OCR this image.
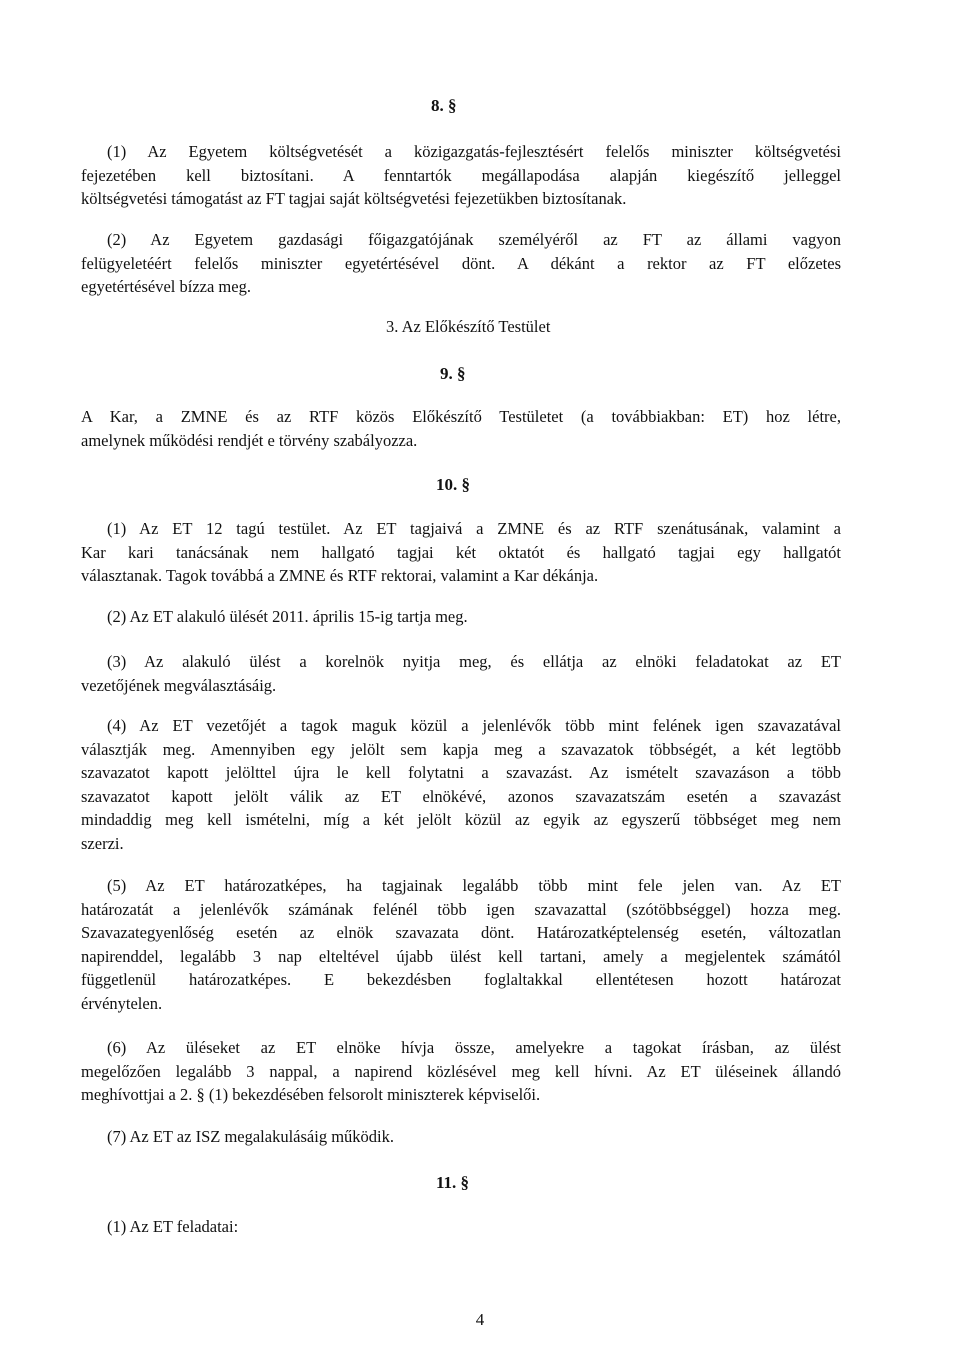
8. §

(1) Az Egyetem költségvetését a közigazgatás-fejlesztésért felelős miniszter költségvetési
fejezetében kell biztosítani. A fenntartók megállapodása alapján kiegészítő jelleggel
költségvetési támogatást az FT tagjai saját költségvetési fejezetükben biztosítanak.

(2) Az Egyetem gazdasági főigazgatójának személyéről az FT az állami vagyon
felügyeletéért felelős miniszter egyetértésével dönt. A dékánt a rektor az FT előzetes
egyetértésével bízza meg.

3. Az Előkészítő Testület

9. §

A Kar, a ZMNE és az RTF közös Előkészítő Testületet (a továbbiakban: ET) hoz létre,
amelynek működési rendjét e törvény szabályozza.

10. §

(1) Az ET 12 tagú testület. Az ET tagjaivá a ZMNE és az RTF szenátusának, valamint a
Kar kari tanácsának nem hallgató tagjai két oktatót és hallgató tagjai egy hallgatót
választanak. Tagok továbbá a ZMNE és RTF rektorai, valamint a Kar dékánja.

(2) Az ET alakuló ülését 2011. április 15-ig tartja meg.

(3) Az alakuló ülést a korelnök nyitja meg, és ellátja az elnöki feladatokat az ET
vezetőjének megválasztásáig.

(4) Az ET vezetőjét a tagok maguk közül a jelenlévők több mint felének igen szavazatával
választják meg. Amennyiben egy jelölt sem kapja meg a szavazatok többségét, a két legtöbb
szavazatot kapott jelölttel újra le kell folytatni a szavazást. Az ismételt szavazáson a több
szavazatot kapott jelölt válik az ET elnökévé, azonos szavazatszám esetén a szavazást
mindaddig meg kell ismételni, míg a két jelölt közül az egyik az egyszerű többséget meg nem
szerzi.

(5) Az ET határozatképes, ha tagjainak legalább több mint fele jelen van. Az ET
határozatát a jelenlévők számának felénél több igen szavazattal (szótöbbséggel) hozza meg.
Szavazategyenlőség esetén az elnök szavazata dönt. Határozatképtelenség esetén, változatlan
napirenddel, legalább 3 nap elteltével újabb ülést kell tartani, amely a megjelentek számától
függetlenül határozatképes. E bekezdésben foglaltakkal ellentétesen hozott határozat
érvénytelen.

(6) Az üléseket az ET elnöke hívja össze, amelyekre a tagokat írásban, az ülést
megelőzően legalább 3 nappal, a napirend közlésével meg kell hívni. Az ET üléseinek állandó
meghívottjai a 2. § (1) bekezdésében felsorolt miniszterek képviselői.

(7) Az ET az ISZ megalakulásáig működik.

11. §

(1) Az ET feladatai:

4
